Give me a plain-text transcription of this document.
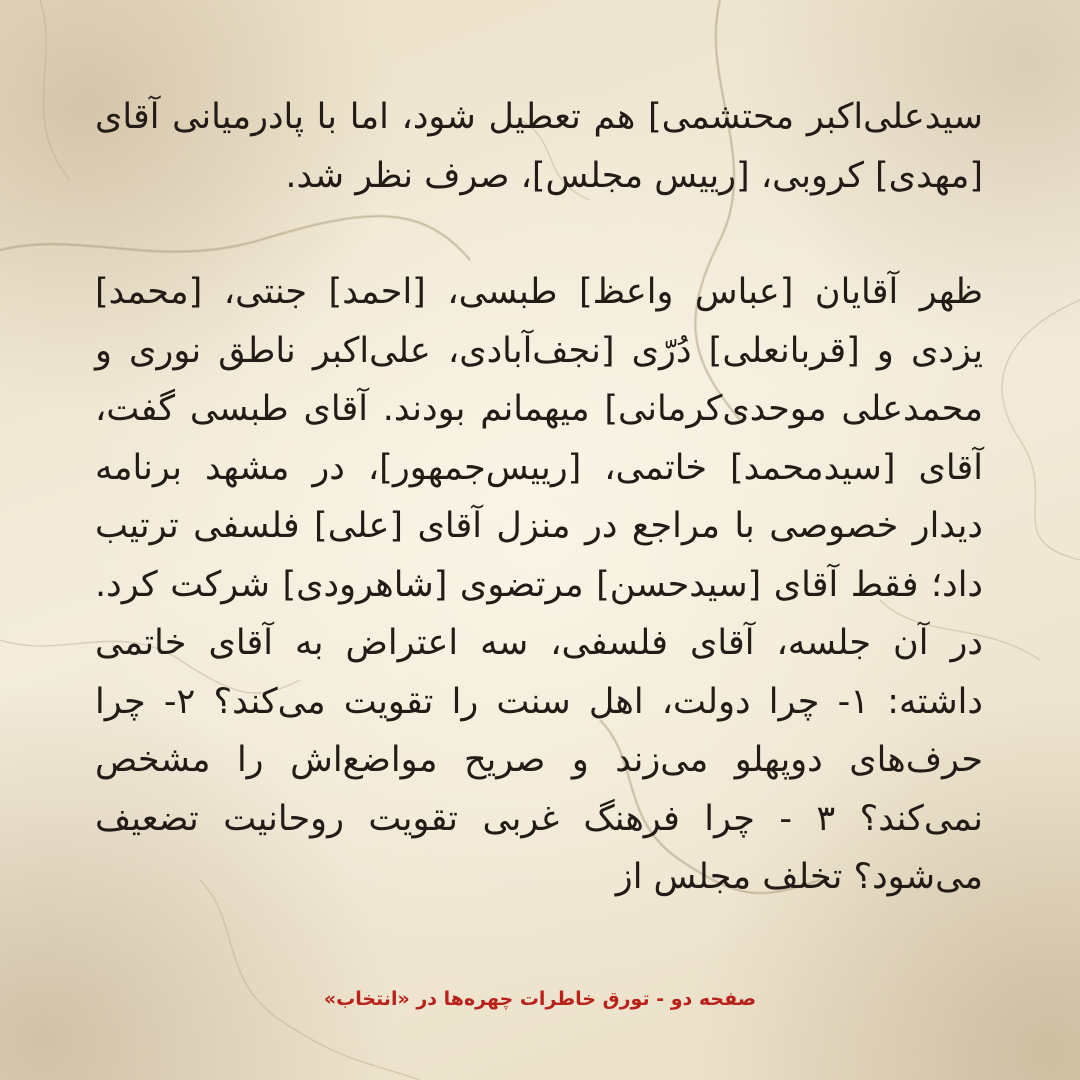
سیدعلی‌اکبر محتشمی] هم تعطیل شود، اما با پادرمیانی آقای [مهدی] کروبی، [رییس مجلس]، صرف نظر شد.

ظهر آقایان [عباس واعظ] طبسی، [احمد] جنتی، [محمد] یزدی و [قربانعلی] دُرّی [نجف‌آبادی، علی‌اکبر ناطق نوری و محمدعلی موحدی‌کرمانی] میهمانم بودند. آقای طبسی گفت، آقای [سیدمحمد] خاتمی، [رییس‌جمهور]، در مشهد برنامه دیدار خصوصی با مراجع در منزل آقای [علی] فلسفی ترتیب داد؛ فقط آقای [سیدحسن] مرتضوی [شاهرودی] شرکت کرد. در آن جلسه، آقای فلسفی، سه اعتراض به آقای خاتمی داشته: ۱- چرا دولت، اهل سنت را تقویت می‌کند؟ ۲- چرا حرف‌های دوپهلو می‌زند و صریح مواضع‌اش را مشخص نمی‌کند؟ ۳ - چرا فرهنگ غربی تقویت روحانیت تضعیف می‌شود؟ تخلف مجلس از

صفحه دو - تورق خاطرات چهره‌ها در «انتخاب»
